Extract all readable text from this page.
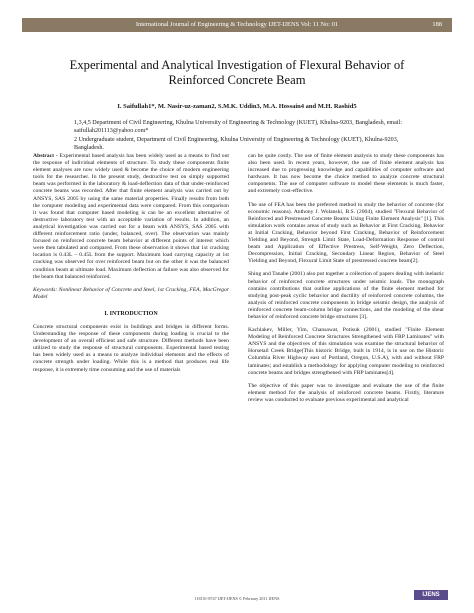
International Journal of Engineering & Technology IJET-IJENS Vol: 11 No: 01	188
Experimental and Analytical Investigation of Flexural Behavior of
Reinforced Concrete Beam
I. Saifullah1*, M. Nasir-uz-zaman2, S.M.K. Uddin3, M.A. Hossain4 and M.H. Rashid5
1,3,4,5 Department of Civil Engineering, Khulna University of Engineering & Technology (KUET), Khulna-9203, Bangladesh, email: saifullah201113@yahoo.com*
2 Undergraduate student, Department of Civil Engineering, Khulna University of Engineering & Technology (KUET), Khulna-9203, Bangladesh.

Abstract - Experimental based analysis has been widely used as a means to find out the response of individual elements of structure. To study these components finite element analyses are now widely used & become the choice of modern engineering tools for the researcher. In the present study, destructive test on simply supported beam was performed in the laboratory & load-deflection data of that under-reinforced concrete beams was recorded. After that finite element analysis was carried out by ANSYS, SAS 2005 by using the same material properties. Finally results from both the computer modeling and experimental data were compared. From this comparison it was found that computer based modeling is can be an excellent alternative of destructive laboratory test with an acceptable variation of results. In addition, an analytical investigation was carried out for a beam with ANSYS, SAS 2005 with different reinforcement ratio (under, balanced, over). The observation was mainly focused on reinforced concrete beam behavior at different points of interest which were then tabulated and compared. From these observation it shows that 1st cracking location is 0.43L – 0.45L from the support. Maximum load carrying capacity at 1st cracking was observed for over reinforced beam but on the other it was the balanced condition beam at ultimate load. Maximum deflection at failure was also observed for the beam that balanced reinforced.

Keywords: Nonlinear Behavior of Concrete and Steel, 1st Cracking, FEA, MacGregor Model

I. INTRODUCTION

Concrete structural components exist in buildings and bridges in different forms. Understanding the response of these components during loading is crucial to the development of an overall efficient and safe structure. Different methods have been utilized to study the response of structural components. Experimental based testing has been widely used as a means to analyze individual elements and the effects of concrete strength under loading. While this is a method that produces real life response, it is extremely time consuming and the use of materials

can be quite costly. The use of finite element analysis to study these components has also been used. In recent years, however, the use of finite element analysis has increased due to progressing knowledge and capabilities of computer software and hardware. It has now become the choice method to analyze concrete structural components. The use of computer software to model these elements is much faster, and extremely cost-effective.

The use of FEA has been the preferred method to study the behavior of concrete (for economic reasons). Anthony J. Wolanski, B.S. (2004), studied "Flexural Behavior of Reinforced and Prestressed Concrete Beams Using Finite Element Analysis" [1]. This simulation work contains areas of study such as Behavior at First Cracking, Behavior at Initial Cracking, Behavior beyond First Cracking, Behavior of Reinforcement Yielding and Beyond, Strength Limit State, Load-Deformation Response of control beam and Application of Effective Prestress, Self-Weight, Zero Deflection, Decompression, Initial Cracking, Secondary Linear Region, Behavior of Steel Yielding and Beyond, Flexural Limit State of prestressed concrete beam[2].

Shing and Tanabe (2001) also put together a collection of papers dealing with inelastic behavior of reinforced concrete structures under seismic loads. The monograph contains contributions that outline applications of the finite element method for studying post-peak cyclic behavior and ductility of reinforced concrete columns, the analysis of reinforced concrete components in bridge seismic design, the analysis of reinforced concrete beam-column bridge connections, and the modeling of the shear behavior of reinforced concrete bridge structures [3].

Kachlakev, Miller, Yim, Chansawat, Potisuk (2001), studied "Finite Element Modeling of Reinforced Concrete Structures Strengthened with FRP Laminates" with ANSYS and the objectives of this simulation was examine the structural behavior of Horsetail Creek Bridge(This historic Bridge, built in 1914, is in use on the Historic Columbia River Highway east of Portland, Oregon, U.S.A), with and without FRP laminates; and establish a methodology for applying computer modeling to reinforced concrete beams and bridges strengthened with FRP laminates[4].

The objective of this paper was to investigate and evaluate the use of the finite element method for the analysis of reinforced concrete beams. Firstly, literature review was conducted to evaluate previous experimental and analytical

118101-8747 IJET-IJENS © February 2011 IJENS
IJENS
